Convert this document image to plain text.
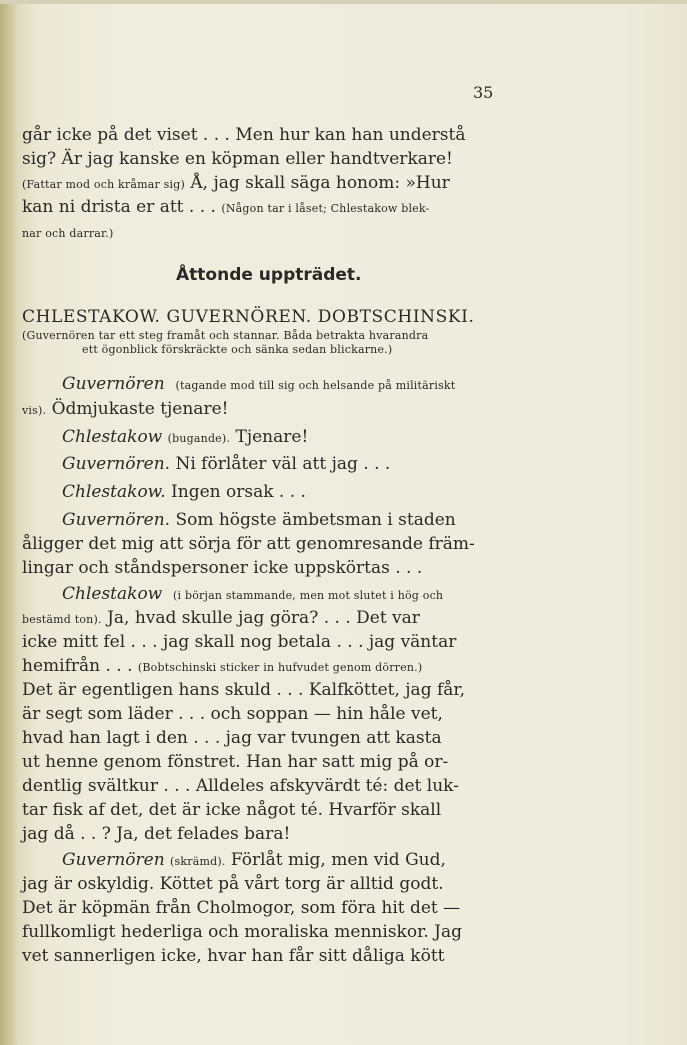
35
går icke på det viset . . . Men hur kan han understå
sig? Är jag kanske en köpman eller handtverkare!
(Fattar mod och kråmar sig) Å, jag skall säga honom: »Hur
kan ni drista er att . . . (Någon tar i låset; Chlestakow blek-
nar och darrar.)
Åttonde uppträdet.
CHLESTAKOW. GUVERNÖREN. DOBTSCHINSKI.
(Guvernören tar ett steg framåt och stannar. Båda betrakta hvarandra
ett ögonblick förskräckte och sänka sedan blickarne.)
Guvernören (tagande mod till sig och helsande på militäriskt
vis). Ödmjukaste tjenare!
Chlestakow (bugande). Tjenare!
Guvernören. Ni förlåter väl att jag . . .
Chlestakow. Ingen orsak . . .
Guvernören. Som högste ämbetsman i staden
åligger det mig att sörja för att genomresande främ-
lingar och ståndspersoner icke uppskörtas . . .
Chlestakow (i början stammande, men mot slutet i hög och
bestämd ton). Ja, hvad skulle jag göra? . . . Det var
icke mitt fel . . . jag skall nog betala . . . jag väntar
hemifrån . . . (Bobtschinski sticker in hufvudet genom dörren.)
Det är egentligen hans skuld . . . Kalfköttet, jag får,
är segt som läder . . . och soppan — hin håle vet,
hvad han lagt i den . . . jag var tvungen att kasta
ut henne genom fönstret. Han har satt mig på or-
dentlig svältkur . . . Alldeles afskyvärdt té: det luk-
tar fisk af det, det är icke något té. Hvarför skall
jag då . . ? Ja, det felades bara!
Guvernören (skrämd). Förlåt mig, men vid Gud,
jag är oskyldig. Köttet på vårt torg är alltid godt.
Det är köpmän från Cholmogor, som föra hit det —
fullkomligt hederliga och moraliska menniskor. Jag
vet sannerligen icke, hvar han får sitt dåliga kött
